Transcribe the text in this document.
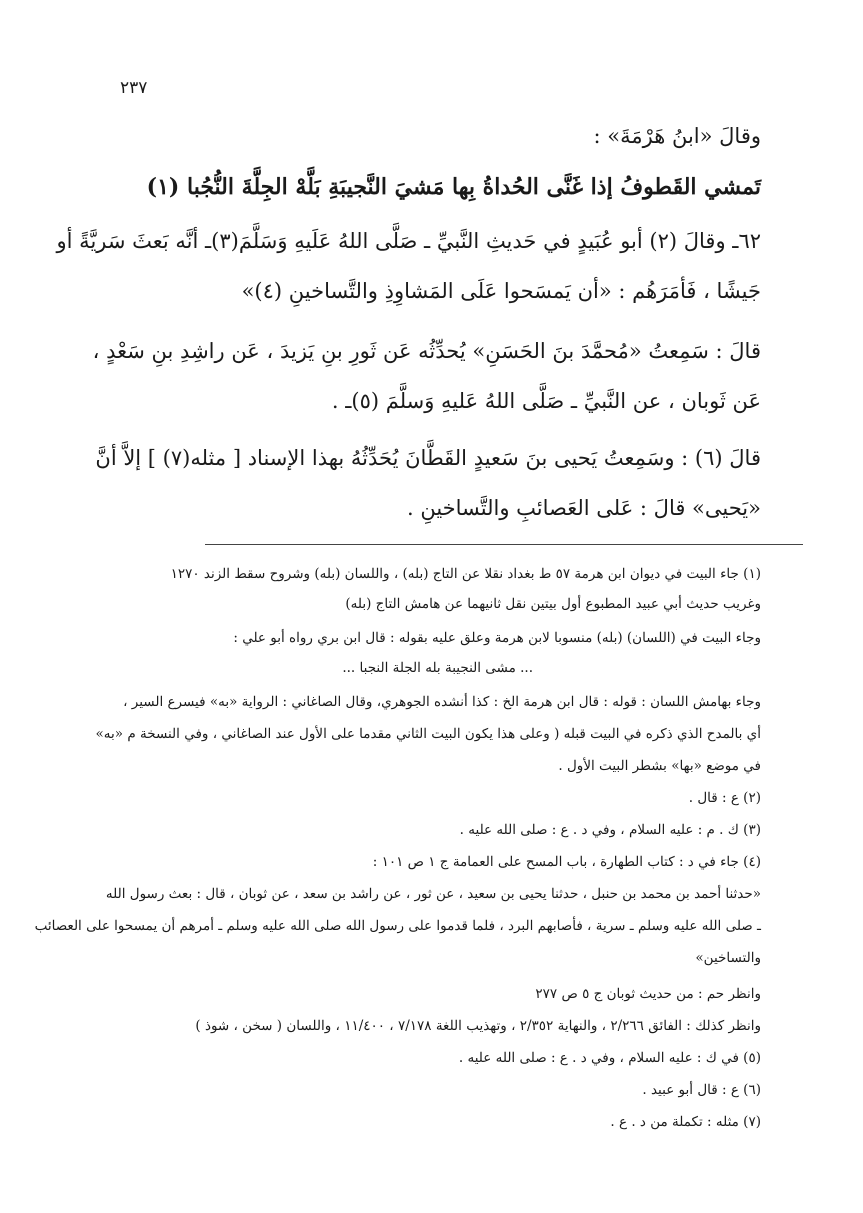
٢٣٧
وقالَ «ابنُ هَرْمَةَ» :
تَمشي القَطوفُ إذا غَنَّى الحُداةُ بِها مَشيَ النَّجيبَةِ بَلَّهْ الجِلَّةَ النُّجُبا (١)
٦٢ـ وقالَ (٢) أبو عُبَيدٍ في حَديثِ النَّبيِّ ـ صَلَّى اللهُ عَلَيهِ وَسَلَّمَ(٣)ـ أنَّه بَعثَ سَريَّةً أو
جَيشًا ، فَأمَرَهُم : «أن يَمسَحوا عَلَى المَشاوِذِ والتَّساخينِ (٤)»
قالَ : سَمِعتُ «مُحمَّدَ بنَ الحَسَنِ» يُحدِّثُه عَن ثَورِ بنِ يَزيدَ ، عَن راشِدِ بنِ سَعْدٍ ،
عَن ثَوبان ، عن النَّبيِّ ـ صَلَّى اللهُ عَليهِ وَسلَّمَ (٥)ـ .
قالَ (٦) : وسَمِعتُ يَحيى بنَ سَعيدٍ القَطَّانَ يُحَدِّثُهُ بهذا الإسناد [ مثله(٧) ] إلاَّ أنَّ
«يَحيى» قالَ : عَلى العَصائبِ والتَّساخينِ .
(١) جاء البيت في ديوان ابن هرمة ٥٧ ط بغداد نقلا عن التاج (بله) ، واللسان (بله) وشروح سقط الزند ١٢٧٠
وغريب حديث أبي عبيد المطبوع أول بيتين نقل ثانيهما عن هامش التاج (بله)
وجاء البيت في (اللسان) (بله) منسوبا لابن هرمة وعلق عليه بقوله : قال ابن بري رواه أبو علي :
... مشى النجيبة بله الجلة النجبا ...
وجاء بهامش اللسان : قوله : قال ابن هرمة الخ : كذا أنشده الجوهري، وقال الصاغاني : الرواية «به» فيسرع السير ،
أي بالمدح الذي ذكره في البيت قبله ( وعلى هذا يكون البيت الثاني مقدما على الأول عند الصاغاني ، وفي النسخة م «به»
في موضع «بها» بشطر البيت الأول .
(٢) ع : قال .
(٣) ك . م : عليه السلام ، وفي د . ع : صلى الله عليه .
(٤) جاء في د : كتاب الطهارة ، باب المسح على العمامة ج ١ ص ١٠١ :
«حدثنا أحمد بن محمد بن حنبل ، حدثنا يحيى بن سعيد ، عن ثور ، عن راشد بن سعد ، عن ثوبان ، قال : بعث رسول الله
ـ صلى الله عليه وسلم ـ سرية ، فأصابهم البرد ، فلما قدموا على رسول الله صلى الله عليه وسلم ـ أمرهم أن يمسحوا على العصائب
والتساخين»
وانظر حم : من حديث ثوبان ج ٥ ص ٢٧٧
وانظر كذلك : الفائق ٢/٢٦٦ ، والنهاية ٢/٣٥٢ ، وتهذيب اللغة ٧/١٧٨ ، ١١/٤٠٠ ، واللسان ( سخن ، شوذ )
(٥) في ك : عليه السلام ، وفي د . ع : صلى الله عليه .
(٦) ع : قال أبو عبيد .
(٧) مثله : تكملة من د . ع .
